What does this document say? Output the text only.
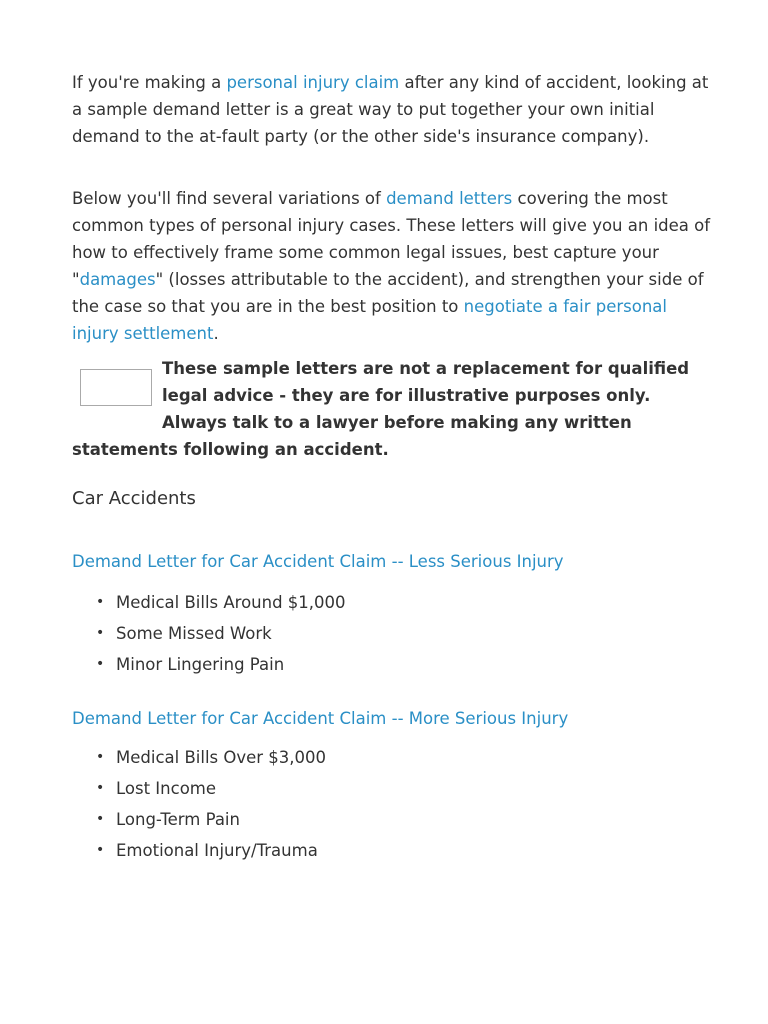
If you're making a personal injury claim after any kind of accident, looking at a sample demand letter is a great way to put together your own initial demand to the at-fault party (or the other side's insurance company).

Below you'll find several variations of demand letters covering the most common types of personal injury cases. These letters will give you an idea of how to effectively frame some common legal issues, best capture your "damages" (losses attributable to the accident), and strengthen your side of the case so that you are in the best position to negotiate a fair personal injury settlement.

These sample letters are not a replacement for qualified legal advice - they are for illustrative purposes only. Always talk to a lawyer before making any written statements following an accident.
Car Accidents

Demand Letter for Car Accident Claim -- Less Serious Injury

• Medical Bills Around $1,000
• Some Missed Work
• Minor Lingering Pain

Demand Letter for Car Accident Claim -- More Serious Injury

• Medical Bills Over $3,000
• Lost Income
• Long-Term Pain
• Emotional Injury/Trauma
